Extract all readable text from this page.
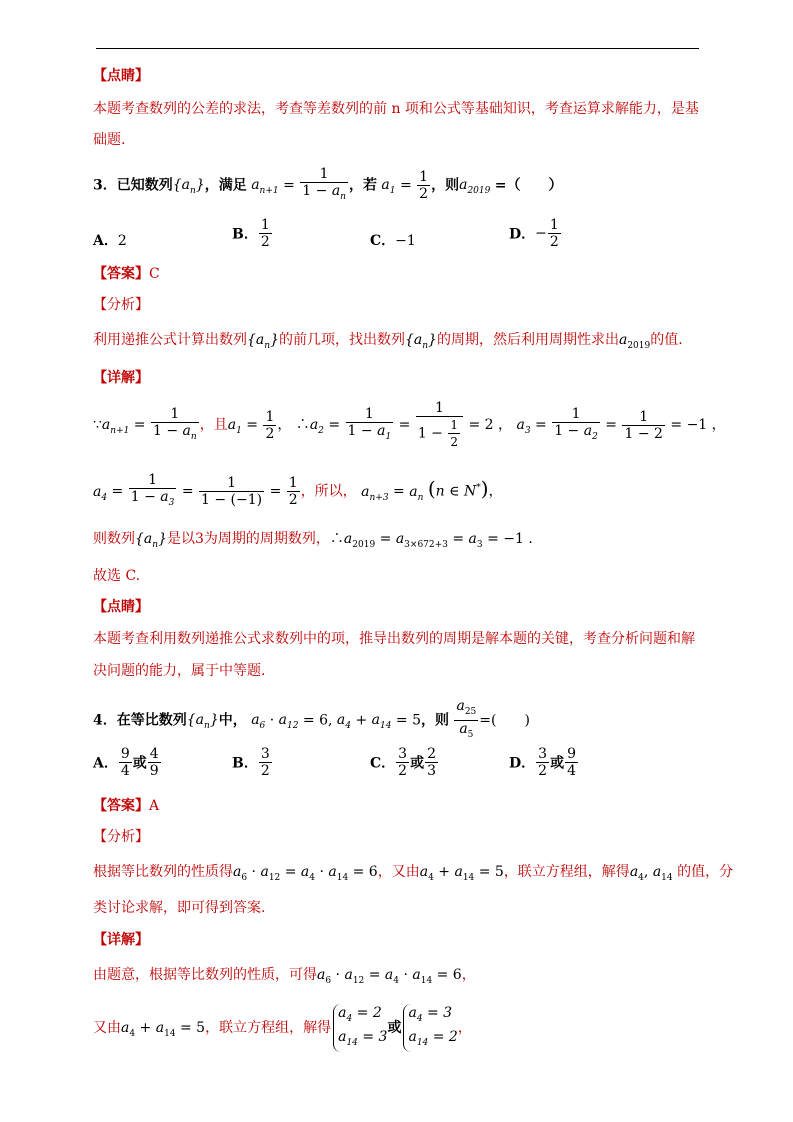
【点睛】
本题考查数列的公差的求法，考查等差数列的前 n 项和公式等基础知识，考查运算求解能力，是基
础题.
3．已知数列$\{a_n\}$，满足 $a_{n+1} = \frac{1}{1 - a_n}$ ，若 $a_1 = \frac{1}{2}$ ，则$a_{2019}$ =（　　）
A．2	B． $\frac{1}{2}$	C．−1	D．− $\frac{1}{2}$
【答案】C
【分析】
利用递推公式计算出数列$\{a_n\}$的前几项，找出数列$\{a_n\}$的周期，然后利用周期性求出$a_{2019}$的值.
【详解】
$\because a_{n+1} = \frac{1}{1 - a_n}$ ，且$a_1 = \frac{1}{2}$ ， $\therefore a_2 = \frac{1}{1 - a_1} = \frac{1}{1 - \frac{1}{2}} = 2$ ， $a_3 = \frac{1}{1 - a_2} = \frac{1}{1 - 2} = -1$ ，
$a_4 = \frac{1}{1 - a_3} = \frac{1}{1 - (-1)} = \frac{1}{2}$ ，所以， $a_{n+3} = a_n$ (n ∈ N*)，
则数列$\{a_n\}$是以3为周期的周期数列，$\therefore a_{2019} = a_{3\times 672+3} = a_3 = -1$ .
故选 C.
【点睛】
本题考查利用数列递推公式求数列中的项，推导出数列的周期是解本题的关键，考查分析问题和解
决问题的能力，属于中等题.
4．在等比数列$\{a_n\}$中， $a_6 \cdot a_{12} = 6$, $a_4 + a_{14} = 5$，则 $\frac{a_{25}}{a_5}$ =(　　)
A． $\frac{9}{4}$ 或 $\frac{4}{9}$	B． $\frac{3}{2}$	C． $\frac{3}{2}$ 或 $\frac{2}{3}$	D． $\frac{3}{2}$ 或 $\frac{9}{4}$
【答案】A
【分析】
根据等比数列的性质得$a_6 \cdot a_{12} = a_4 \cdot a_{14} = 6$，又由$a_4 + a_{14} = 5$，联立方程组，解得$a_4$, $a_{14}$ 的值，分
类讨论求解，即可得到答案.
【详解】
由题意，根据等比数列的性质，可得$a_6 \cdot a_{12} = a_4 \cdot a_{14} = 6$，
又由$a_4 + a_{14} = 5$，联立方程组，解得$a_4 = 2$
$a_{14} = 3$或$a_4 = 3$
$a_{14} = 2$，
